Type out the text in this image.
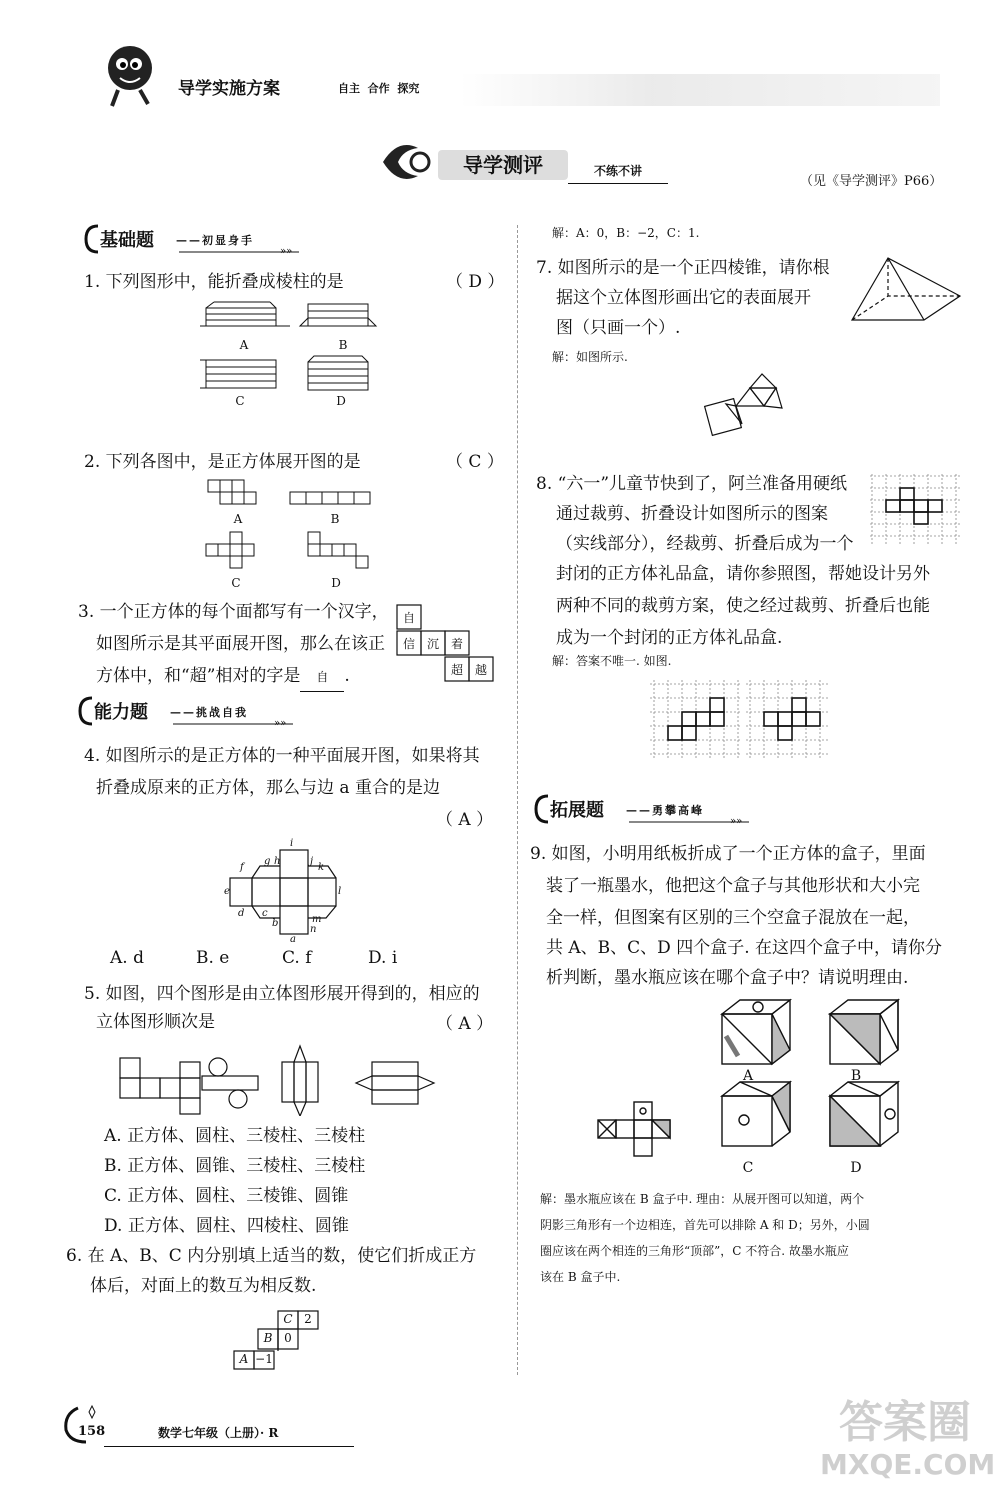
导学实施方案	自主  合作  探究
导学测评	不练不讲
（见《导学测评》P66）
»»
基础题 ——初显身手
1. 下列图形中，能折叠成棱柱的是	（ D ）
A	B
C	D
2. 下列各图中，是正方体展开图的是	（ C ）
A	B
C	D
3. 一个正方体的每个面都写有一个汉字，
如图所示是其平面展开图，那么在该正
方体中，和“超”相对的字是 自 .
自
信 沉 着
超 越
»»
能力题 ——挑战自我
4. 如图所示的是正方体的一种平面展开图，如果将其
折叠成原来的正方体，那么与边 a 重合的是边
（ A ）
i
f
g h	j
k
e	l
d c
b	m
n
a
A. d	B. e	C. f	D. i
5. 如图，四个图形是由立体图形展开得到的，相应的
立体图形顺次是	（ A ）
A. 正方体、圆柱、三棱柱、三棱柱
B. 正方体、圆锥、三棱柱、三棱柱
C. 正方体、圆柱、三棱锥、圆锥
D. 正方体、圆柱、四棱柱、圆锥
6. 在 A、B、C 内分别填上适当的数，使它们折成正方
体后，对面上的数互为相反数.
C 2
B 0
A −1
解：A：0，B：−2，C：1.
7. 如图所示的是一个正四棱锥，请你根
据这个立体图形画出它的表面展开
图（只画一个）.
解：如图所示.
8. “六一”儿童节快到了，阿兰准备用硬纸
通过裁剪、折叠设计如图所示的图案
（实线部分），经裁剪、折叠后成为一个
封闭的正方体礼品盒，请你参照图，帮她设计另外
两种不同的裁剪方案，使之经过裁剪、折叠后也能
成为一个封闭的正方体礼品盒.
解：答案不唯一. 如图.
»»
拓展题 ——勇攀高峰
9. 如图，小明用纸板折成了一个正方体的盒子，里面
装了一瓶墨水，他把这个盒子与其他形状和大小完
全一样，但图案有区别的三个空盒子混放在一起，
共 A、B、C、D 四个盒子. 在这四个盒子中，请你分
析判断，墨水瓶应该在哪个盒子中？请说明理由.
A	B
C	D
解：墨水瓶应该在 B 盒子中. 理由：从展开图可以知道，两个
阴影三角形有一个边相连，首先可以排除 A 和 D；另外，小圆
圈应该在两个相连的三角形“顶部”，C 不符合. 故墨水瓶应
该在 B 盒子中.
158	数学七年级（上册）· R	答案圈
MXQE.COM
